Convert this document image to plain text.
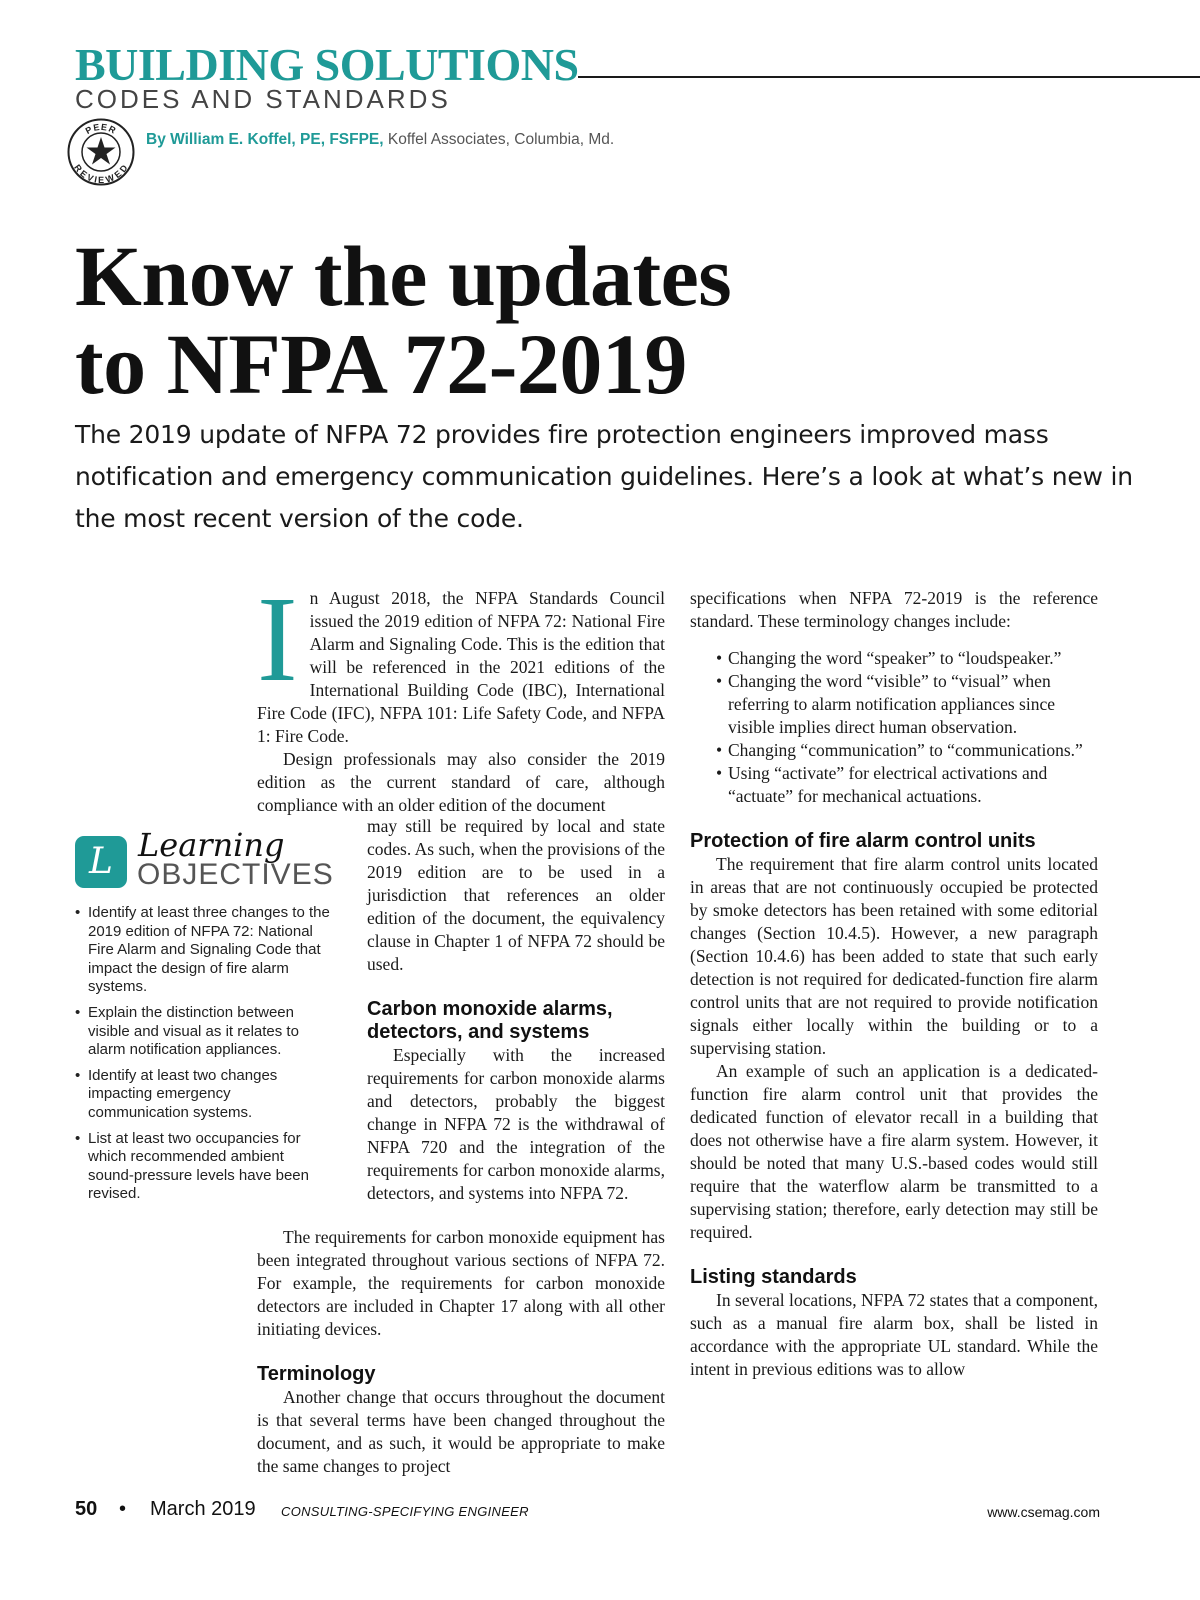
BUILDING SOLUTIONS
CODES AND STANDARDS
PEER
REVIEWED
By William E. Koffel, PE, FSFPE, Koffel Associates, Columbia, Md.
Know the updates
to NFPA 72-2019

The 2019 update of NFPA 72 provides fire protection engineers improved mass notification and emergency communication guidelines. Here’s a look at what’s new in the most recent version of the code.

I n August 2018, the NFPA Standards Council issued the 2019 edition of NFPA 72: National Fire Alarm and Signaling Code. This is the edition that will be referenced in the 2021 editions of the International Building Code (IBC), International Fire Code (IFC), NFPA 101: Life Safety Code, and NFPA 1: Fire Code.

Design professionals may also consider the 2019 edition as the current standard of care, although compliance with an older edition of the document

may still be required by local and state codes. As such, when the provisions of the 2019 edition are to be used in a jurisdiction that references an older edition of the document, the equivalency clause in Chapter 1 of NFPA 72 should be used.

Carbon monoxide alarms, detectors, and systems

Especially with the increased requirements for carbon monoxide alarms and detectors, probably the biggest change in NFPA 72 is the withdrawal of NFPA 720 and the integration of the requirements for carbon monoxide alarms, detectors, and systems into NFPA 72.

The requirements for carbon monoxide equipment has been integrated throughout various sections of NFPA 72. For example, the requirements for carbon monoxide detectors are included in Chapter 17 along with all other initiating devices.

Terminology

Another change that occurs throughout the document is that several terms have been changed throughout the document, and as such, it would be appropriate to make the same changes to project

specifications when NFPA 72-2019 is the reference standard. These terminology changes include:

• Changing the word “speaker” to “loudspeaker.”
• Changing the word “visible” to “visual” when referring to alarm notification appliances since visible implies direct human observation.
• Changing “communication” to “communications.”
• Using “activate” for electrical activations and “actuate” for mechanical actuations.
Protection of fire alarm control units

The requirement that fire alarm control units located in areas that are not continuously occupied be protected by smoke detectors has been retained with some editorial changes (Section 10.4.5). However, a new paragraph (Section 10.4.6) has been added to state that such early detection is not required for dedicated-function fire alarm control units that are not required to provide notification signals either locally within the building or to a supervising station.

An example of such an application is a dedicated-function fire alarm control unit that provides the dedicated function of elevator recall in a building that does not otherwise have a fire alarm system. However, it should be noted that many U.S.-based codes would still require that the waterflow alarm be transmitted to a supervising station; therefore, early detection may still be required.

Listing standards

In several locations, NFPA 72 states that a component, such as a manual fire alarm box, shall be listed in accordance with the appropriate UL standard. While the intent in previous editions was to allow

L Learning
OBJECTIVES
• Identify at least three changes to the 2019 edition of NFPA 72: National Fire Alarm and Signaling Code that impact the design of fire alarm systems.
• Explain the distinction between visible and visual as it relates to alarm notification appliances.
• Identify at least two changes impacting emergency communication systems.
• List at least two occupancies for which recommended ambient sound-pressure levels have been revised.
50 • March 2019 CONSULTING-SPECIFYING ENGINEER	www.csemag.com
